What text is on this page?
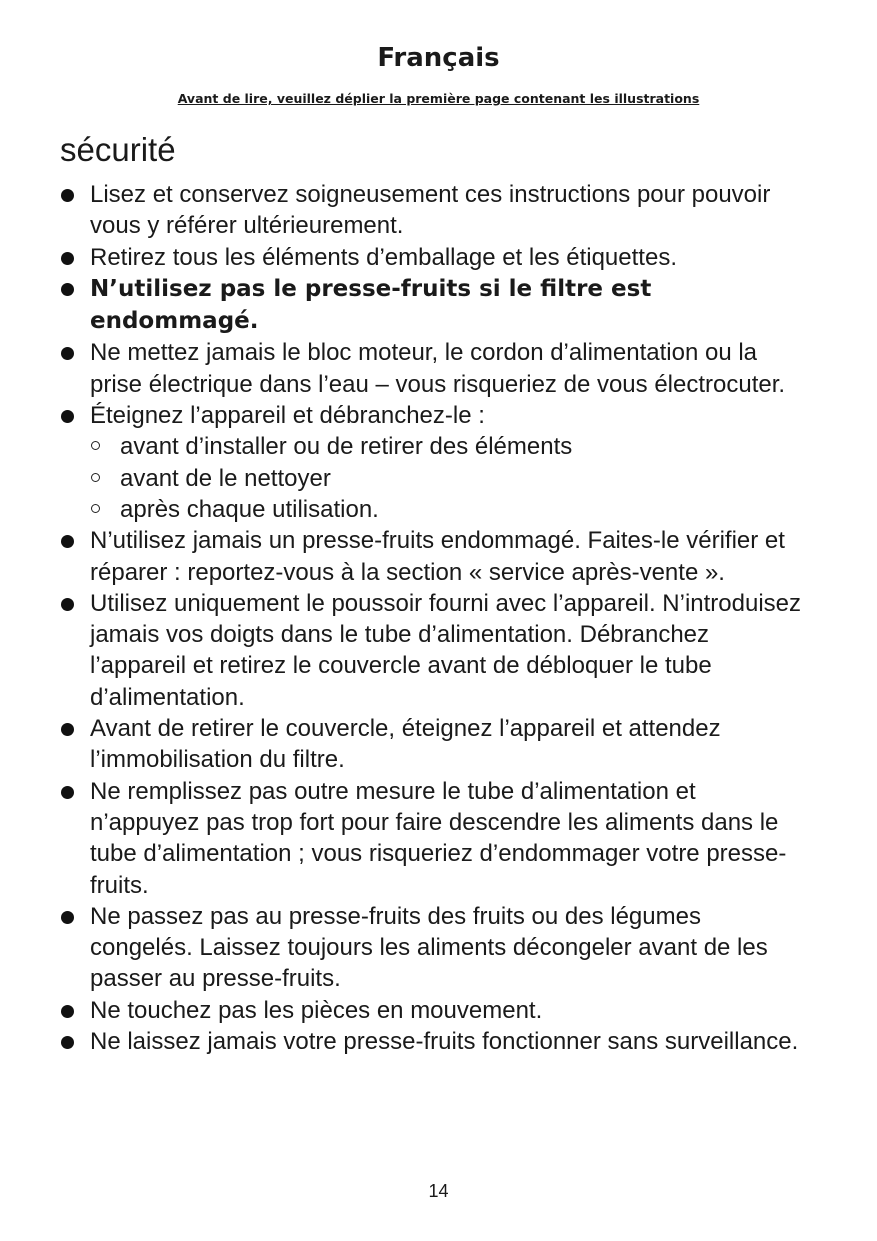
Français

Avant de lire, veuillez déplier la première page contenant les illustrations

sécurité
Lisez et conservez soigneusement ces instructions pour pouvoir vous y référer ultérieurement.
Retirez tous les éléments d’emballage et les étiquettes.
N’utilisez pas le presse-fruits si le filtre est endommagé.
Ne mettez jamais le bloc moteur, le cordon d’alimentation ou la prise électrique dans l’eau – vous risqueriez de vous électrocuter.
Éteignez l’appareil et débranchez-le :
avant d’installer ou de retirer des éléments
avant de le nettoyer
après chaque utilisation.
N’utilisez jamais un presse-fruits endommagé. Faites-le vérifier et réparer : reportez-vous à la section « service après-vente ».
Utilisez uniquement le poussoir fourni avec l’appareil. N’introduisez jamais vos doigts dans le tube d’alimentation. Débranchez l’appareil et retirez le couvercle avant de débloquer le tube d’alimentation.
Avant de retirer le couvercle, éteignez l’appareil et attendez l’immobilisation du filtre.
Ne remplissez pas outre mesure le tube d’alimentation et n’appuyez pas trop fort pour faire descendre les aliments dans le tube d’alimentation ; vous risqueriez d’endommager votre presse-fruits.
Ne passez pas au presse-fruits des fruits ou des légumes congelés. Laissez toujours les aliments décongeler avant de les passer au presse-fruits.
Ne touchez pas les pièces en mouvement.
Ne laissez jamais votre presse-fruits fonctionner sans surveillance.
14
